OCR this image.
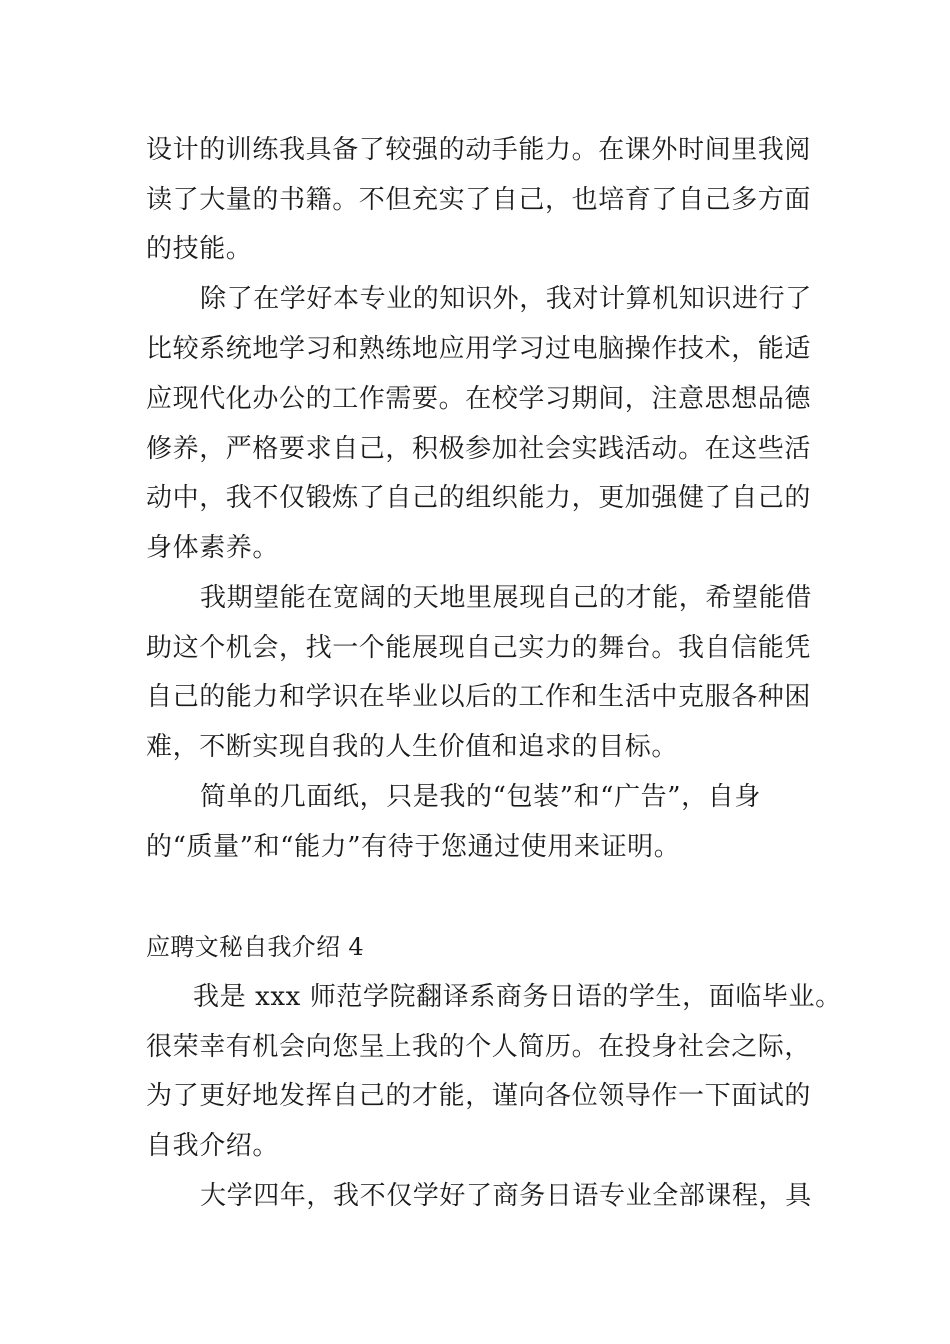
设计的训练我具备了较强的动手能力。在课外时间里我阅
读了大量的书籍。不但充实了自己，也培育了自己多方面
的技能。
除了在学好本专业的知识外，我对计算机知识进行了
比较系统地学习和熟练地应用学习过电脑操作技术，能适
应现代化办公的工作需要。在校学习期间，注意思想品德
修养，严格要求自己，积极参加社会实践活动。在这些活
动中，我不仅锻炼了自己的组织能力，更加强健了自己的
身体素养。
我期望能在宽阔的天地里展现自己的才能，希望能借
助这个机会，找一个能展现自己实力的舞台。我自信能凭
自己的能力和学识在毕业以后的工作和生活中克服各种困
难，不断实现自我的人生价值和追求的目标。
简单的几面纸，只是我的“包装”和“广告”，自身
的“质量”和“能力”有待于您通过使用来证明。
应聘文秘自我介绍 4
我是 xxx 师范学院翻译系商务日语的学生，面临毕业。
很荣幸有机会向您呈上我的个人简历。在投身社会之际，
为了更好地发挥自己的才能，谨向各位领导作一下面试的
自我介绍。
大学四年，我不仅学好了商务日语专业全部课程，具
